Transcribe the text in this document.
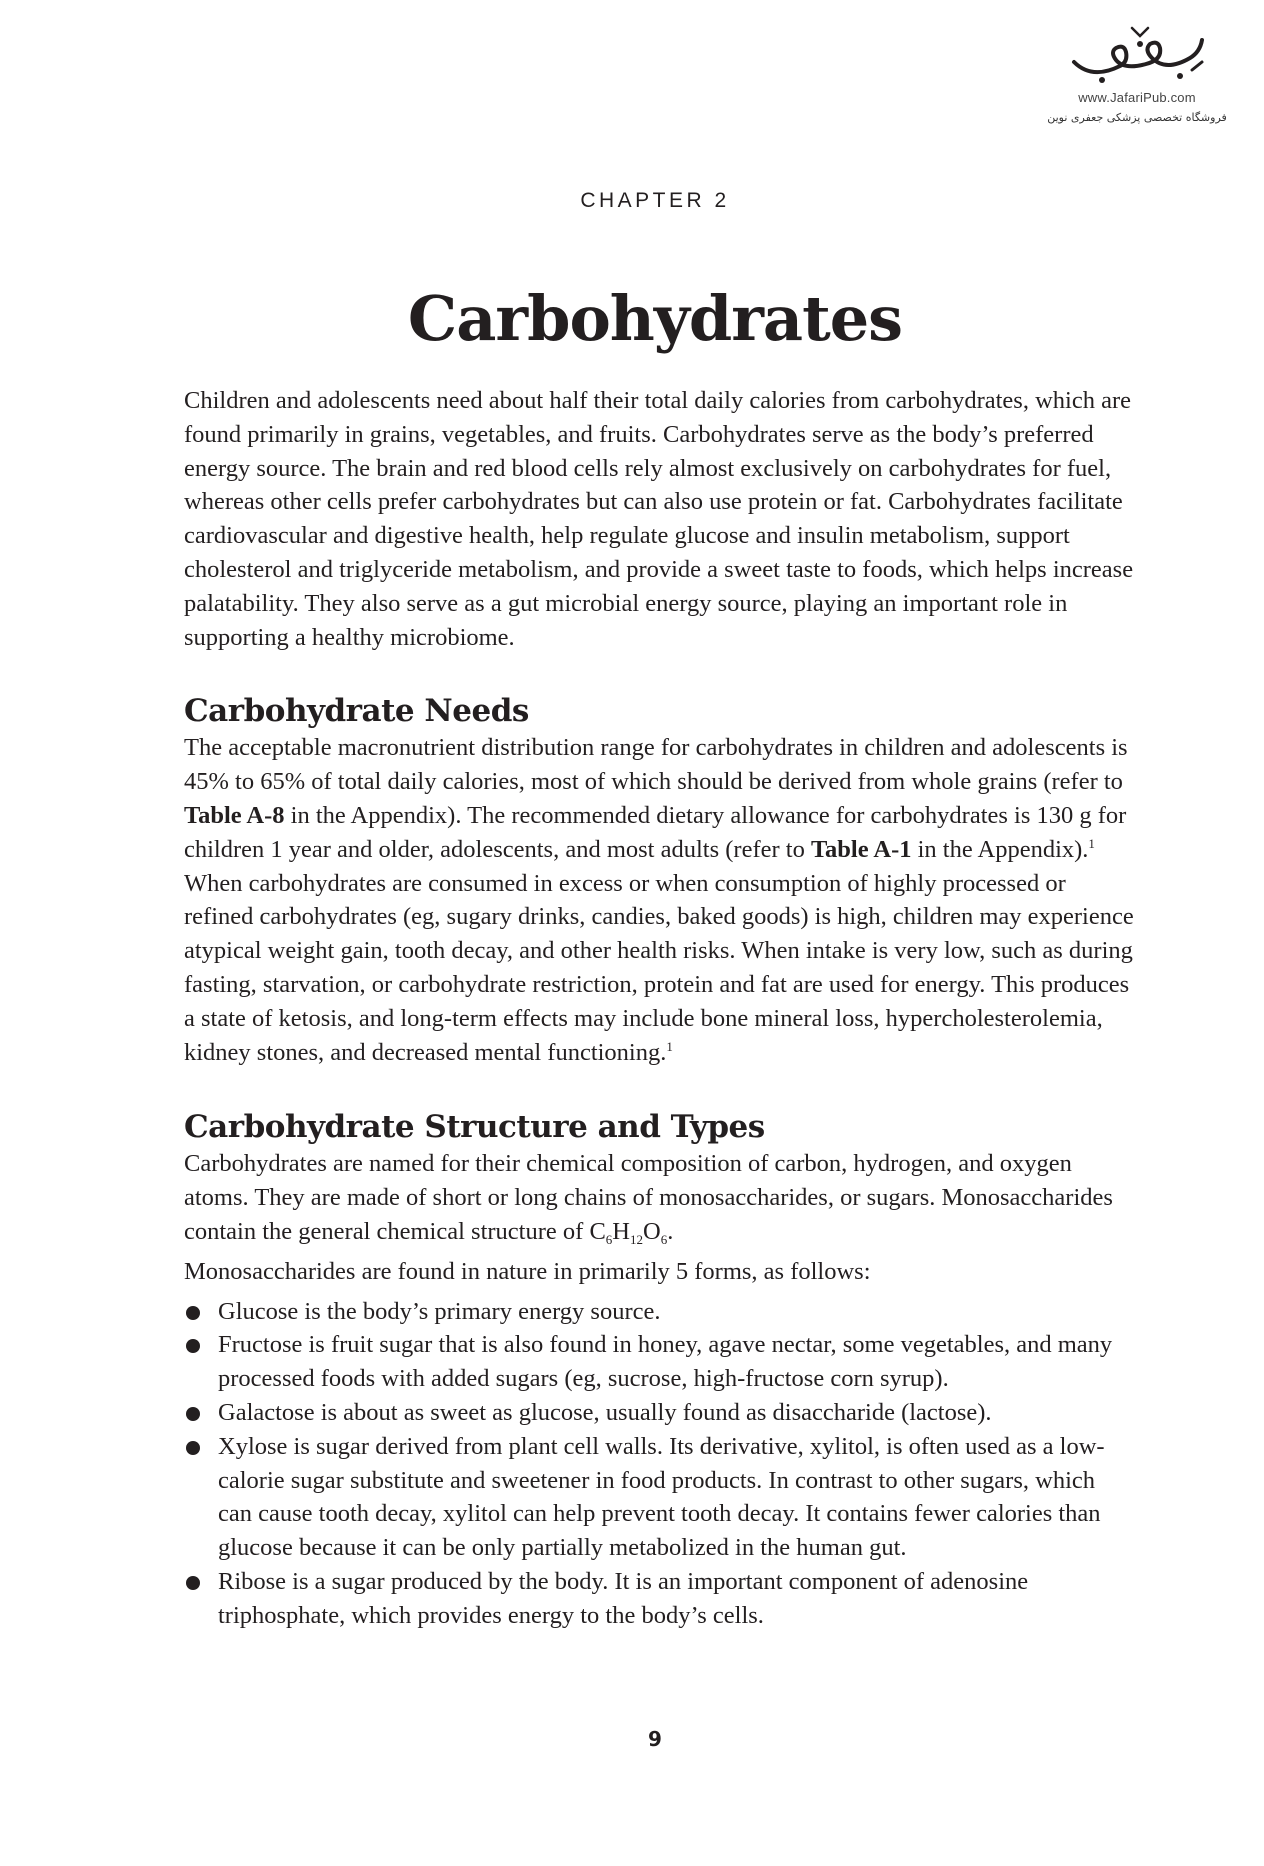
www.JafariPub.com
فروشگاه تخصصی پزشکی جعفری نوین
CHAPTER 2
Carbohydrates

Children and adolescents need about half their total daily calories from carbohydrates, which are found primarily in grains, vegetables, and fruits. Carbohydrates serve as the body’s preferred energy source. The brain and red blood cells rely almost exclusively on carbohydrates for fuel, whereas other cells prefer carbohydrates but can also use protein or fat. Carbohydrates facilitate cardiovascular and digestive health, help regulate glucose and insulin metabolism, support cholesterol and triglyceride metabolism, and provide a sweet taste to foods, which helps increase palatability. They also serve as a gut microbial energy source, playing an important role in supporting a healthy microbiome.

Carbohydrate Needs

The acceptable macronutrient distribution range for carbohydrates in children and adolescents is 45% to 65% of total daily calories, most of which should be derived from whole grains (refer to Table A-8 in the Appendix). The recommended dietary allowance for carbohydrates is 130 g for children 1 year and older, adolescents, and most adults (refer to Table A-1 in the Appendix).$^1$ When carbohydrates are consumed in excess or when consumption of highly processed or refined carbohydrates (eg, sugary drinks, candies, baked goods) is high, children may experience atypical weight gain, tooth decay, and other health risks. When intake is very low, such as during fasting, starvation, or carbohydrate restriction, protein and fat are used for energy. This produces a state of ketosis, and long-term effects may include bone mineral loss, hypercholesterolemia, kidney stones, and decreased mental functioning.$^1$

Carbohydrate Structure and Types

Carbohydrates are named for their chemical composition of carbon, hydrogen, and oxygen atoms. They are made of short or long chains of monosaccharides, or sugars. Monosaccharides contain the general chemical structure of $C_6H_{12}O_6$.

Monosaccharides are found in nature in primarily 5 forms, as follows:

Glucose is the body’s primary energy source.
Fructose is fruit sugar that is also found in honey, agave nectar, some vegetables, and many processed foods with added sugars (eg, sucrose, high-fructose corn syrup).
Galactose is about as sweet as glucose, usually found as disaccharide (lactose).
Xylose is sugar derived from plant cell walls. Its derivative, xylitol, is often used as a low-calorie sugar substitute and sweetener in food products. In contrast to other sugars, which can cause tooth decay, xylitol can help prevent tooth decay. It contains fewer calories than glucose because it can be only partially metabolized in the human gut.
Ribose is a sugar produced by the body. It is an important component of adenosine triphosphate, which provides energy to the body’s cells.
9
